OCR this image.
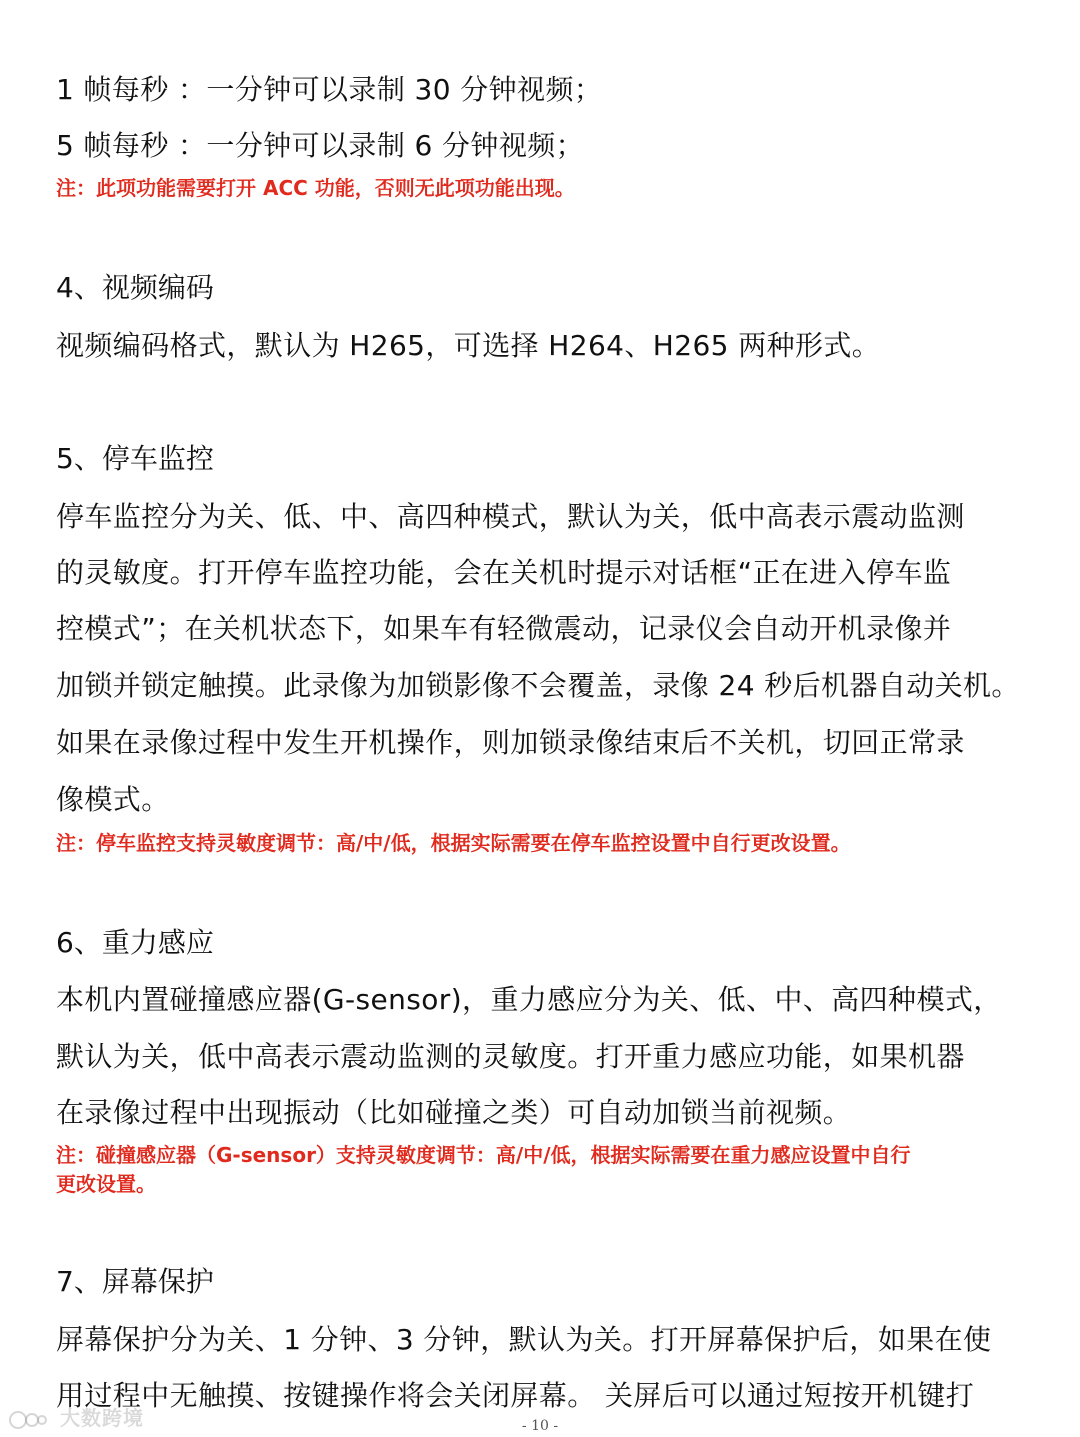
1 帧每秒 ：一分钟可以录制 30 分钟视频；
5 帧每秒 ：一分钟可以录制 6 分钟视频；
注：此项功能需要打开 ACC 功能，否则无此项功能出现。
4、视频编码
视频编码格式，默认为 H265，可选择 H264、H265 两种形式。
5、停车监控
停车监控分为关、低、中、高四种模式，默认为关，低中高表示震动监测
的灵敏度。打开停车监控功能，会在关机时提示对话框“正在进入停车监
控模式”；在关机状态下，如果车有轻微震动，记录仪会自动开机录像并
加锁并锁定触摸。此录像为加锁影像不会覆盖，录像 24 秒后机器自动关机。
如果在录像过程中发生开机操作，则加锁录像结束后不关机，切回正常录
像模式。
注：停车监控支持灵敏度调节：高/中/低，根据实际需要在停车监控设置中自行更改设置。
6、重力感应
本机内置碰撞感应器(G-sensor)，重力感应分为关、低、中、高四种模式，
默认为关，低中高表示震动监测的灵敏度。打开重力感应功能，如果机器
在录像过程中出现振动（比如碰撞之类）可自动加锁当前视频。
注：碰撞感应器（G-sensor）支持灵敏度调节：高/中/低，根据实际需要在重力感应设置中自行
更改设置。
7、屏幕保护
屏幕保护分为关、1 分钟、3 分钟，默认为关。打开屏幕保护后，如果在使
用过程中无触摸、按键操作将会关闭屏幕。 关屏后可以通过短按开机键打
- 10 -
大数跨境
